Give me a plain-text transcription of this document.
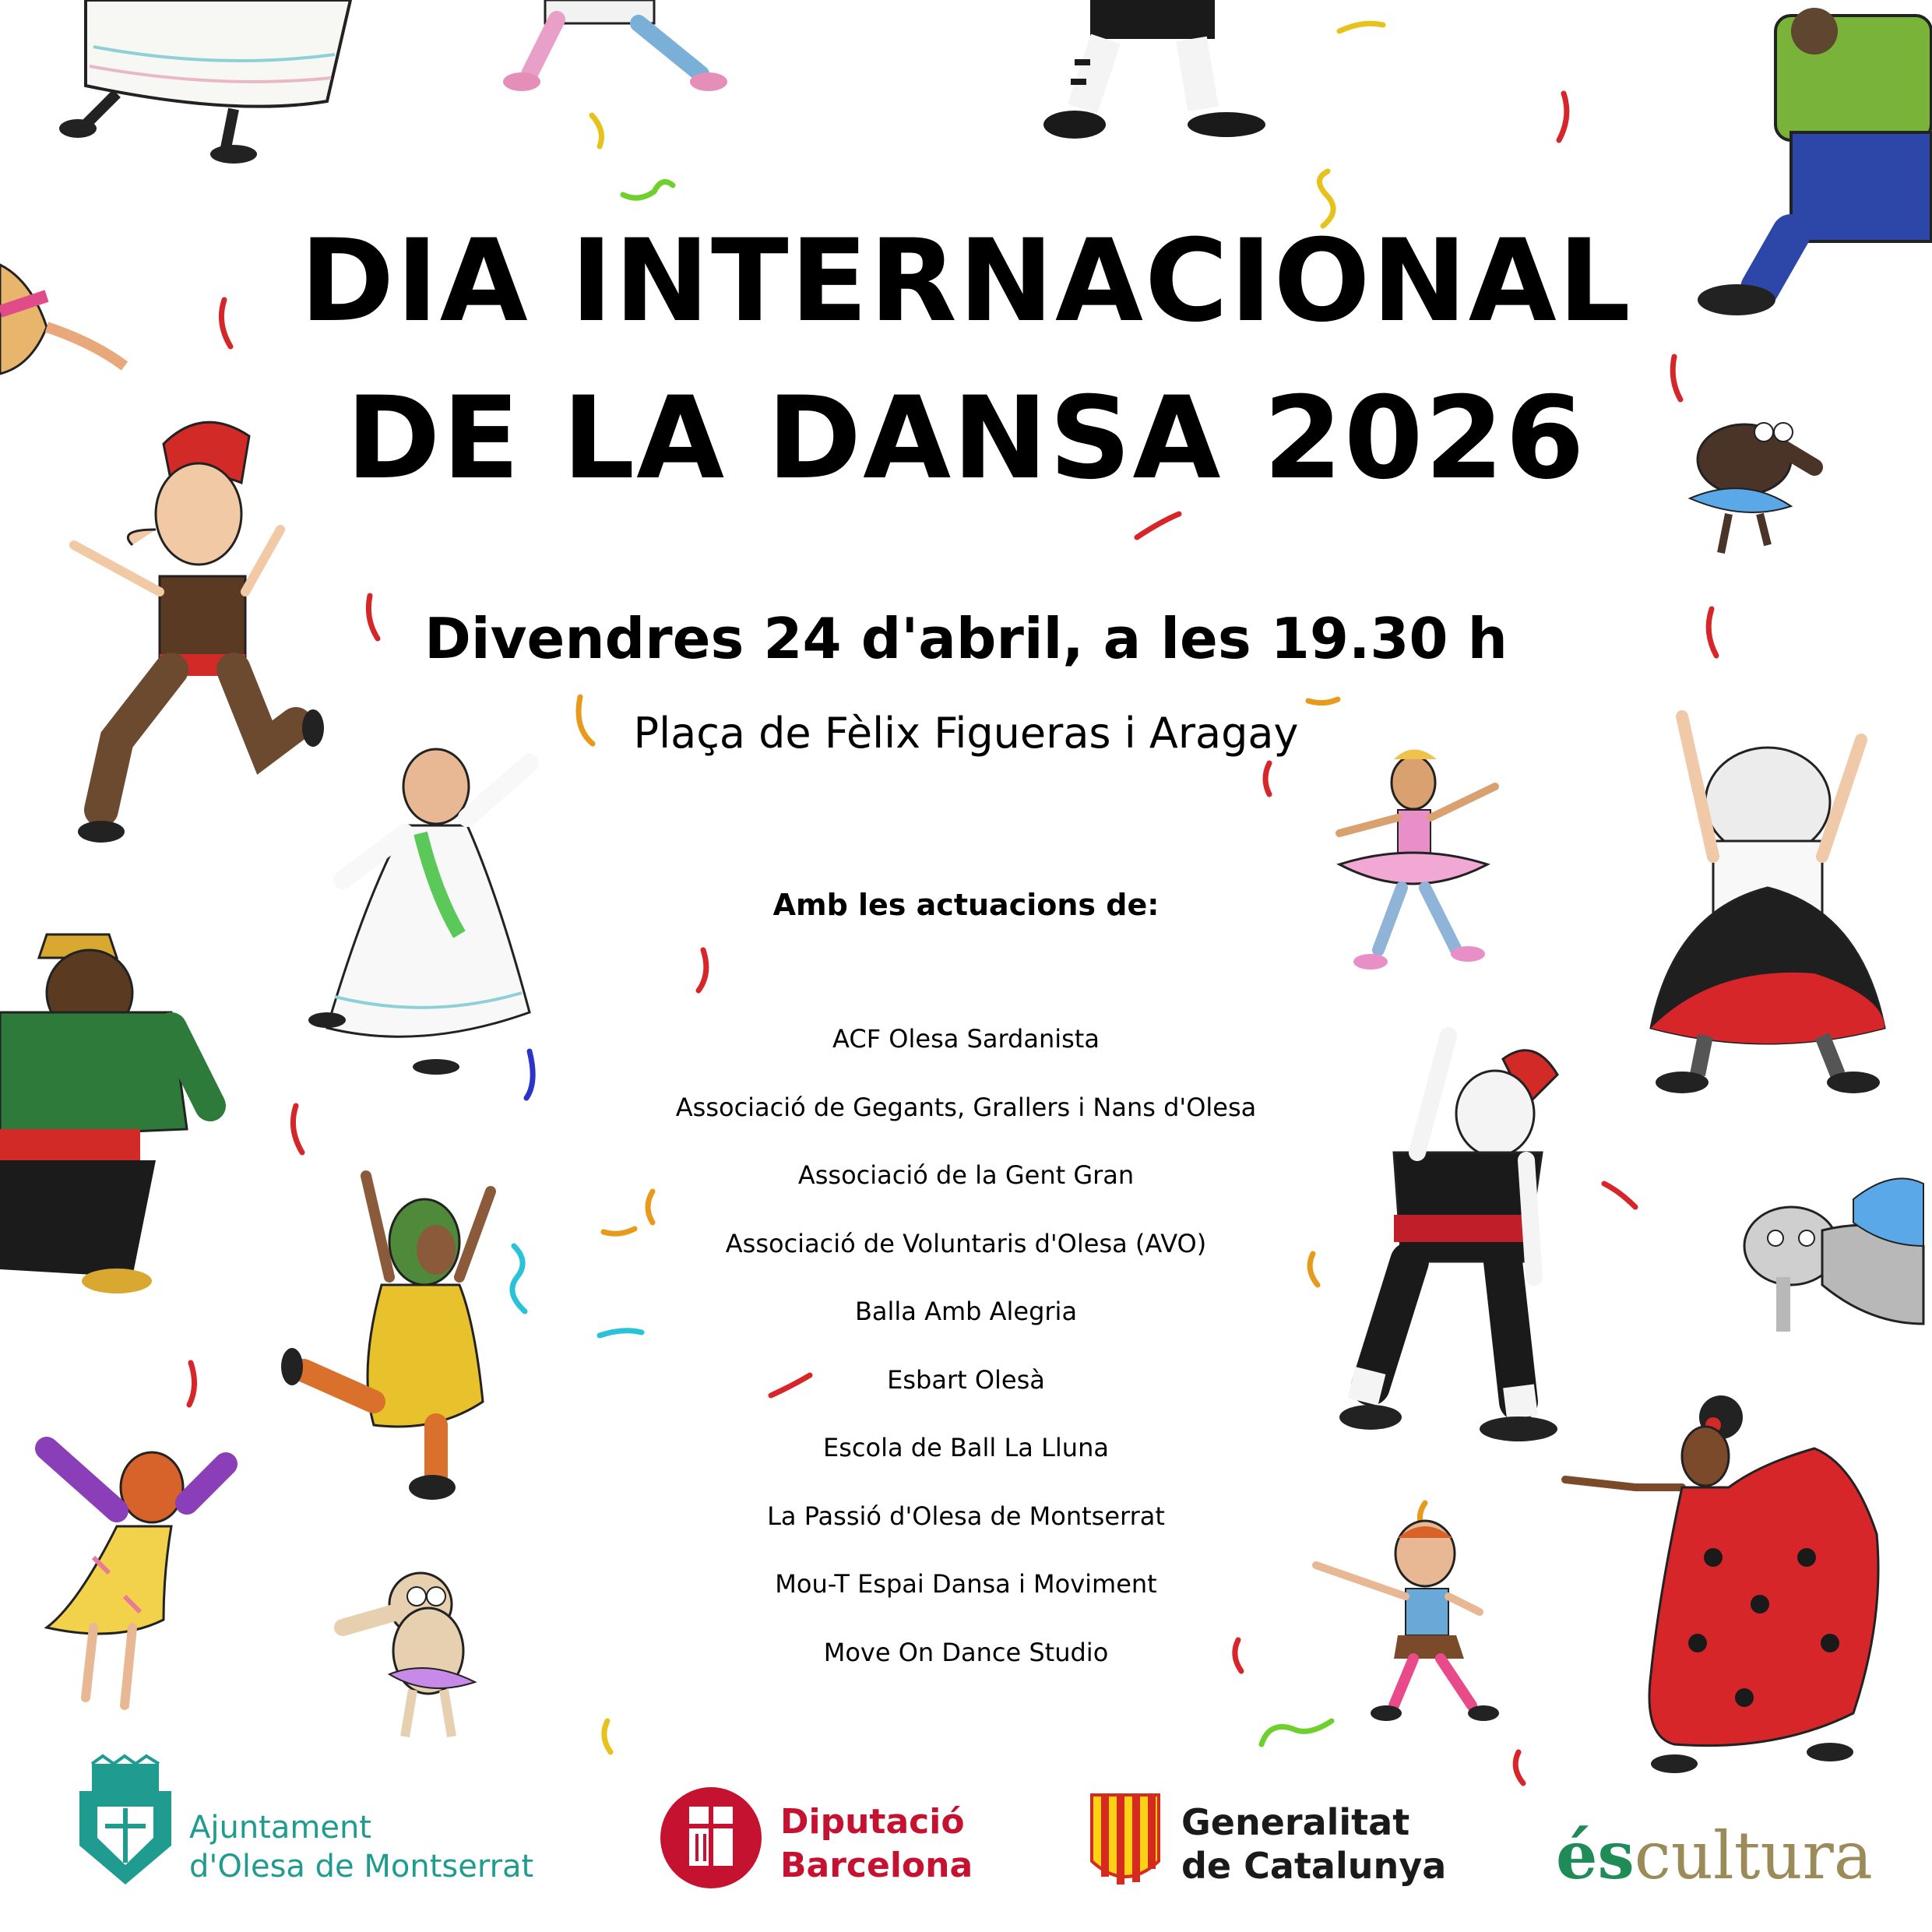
DIA INTERNACIONAL
DE LA DANSA 2026
Divendres 24 d'abril, a les 19.30 h
Plaça de Fèlix Figueras i Aragay
Amb les actuacions de:
ACF Olesa Sardanista
Associació de Gegants, Grallers i Nans d'Olesa
Associació de la Gent Gran
Associació de Voluntaris d'Olesa (AVO)
Balla Amb Alegria
Esbart Olesà
Escola de Ball La Lluna
La Passió d'Olesa de Montserrat
Mou-T Espai Dansa i Moviment
Move On Dance Studio
Ajuntament
d'Olesa de Montserrat
Diputació
Barcelona
Generalitat
de Catalunya éscultura
